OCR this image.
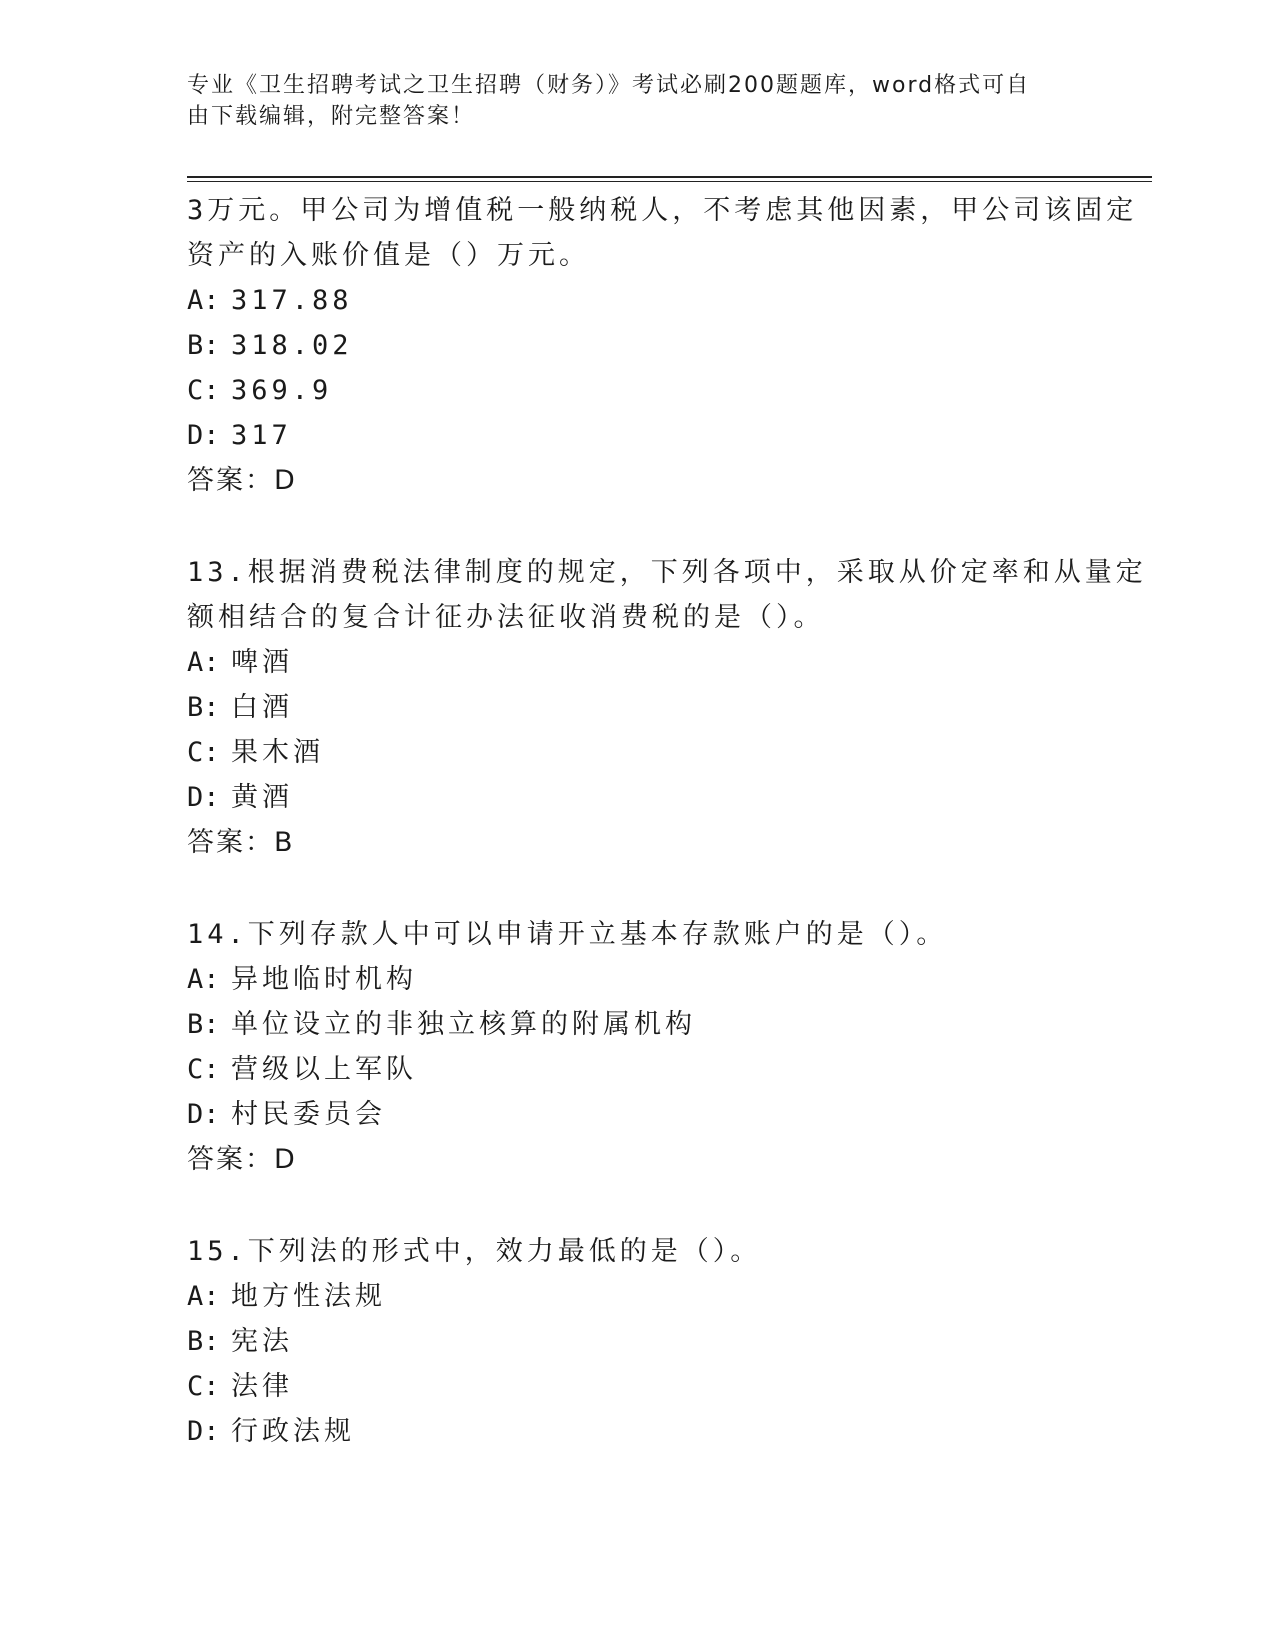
专业《卫生招聘考试之卫生招聘（财务）》考试必刷200题题库，word格式可自
由下载编辑，附完整答案！
3万元。甲公司为增值税一般纳税人，不考虑其他因素，甲公司该固定
资产的入账价值是（）万元。
A: 317.88
B: 318.02
C: 369.9
D: 317
答案：D
13.根据消费税法律制度的规定，下列各项中，采取从价定率和从量定
额相结合的复合计征办法征收消费税的是（）。
A: 啤酒
B: 白酒
C: 果木酒
D: 黄酒
答案：B
14.下列存款人中可以申请开立基本存款账户的是（）。
A: 异地临时机构
B: 单位设立的非独立核算的附属机构
C: 营级以上军队
D: 村民委员会
答案：D
15.下列法的形式中，效力最低的是（）。
A: 地方性法规
B: 宪法
C: 法律
D: 行政法规
